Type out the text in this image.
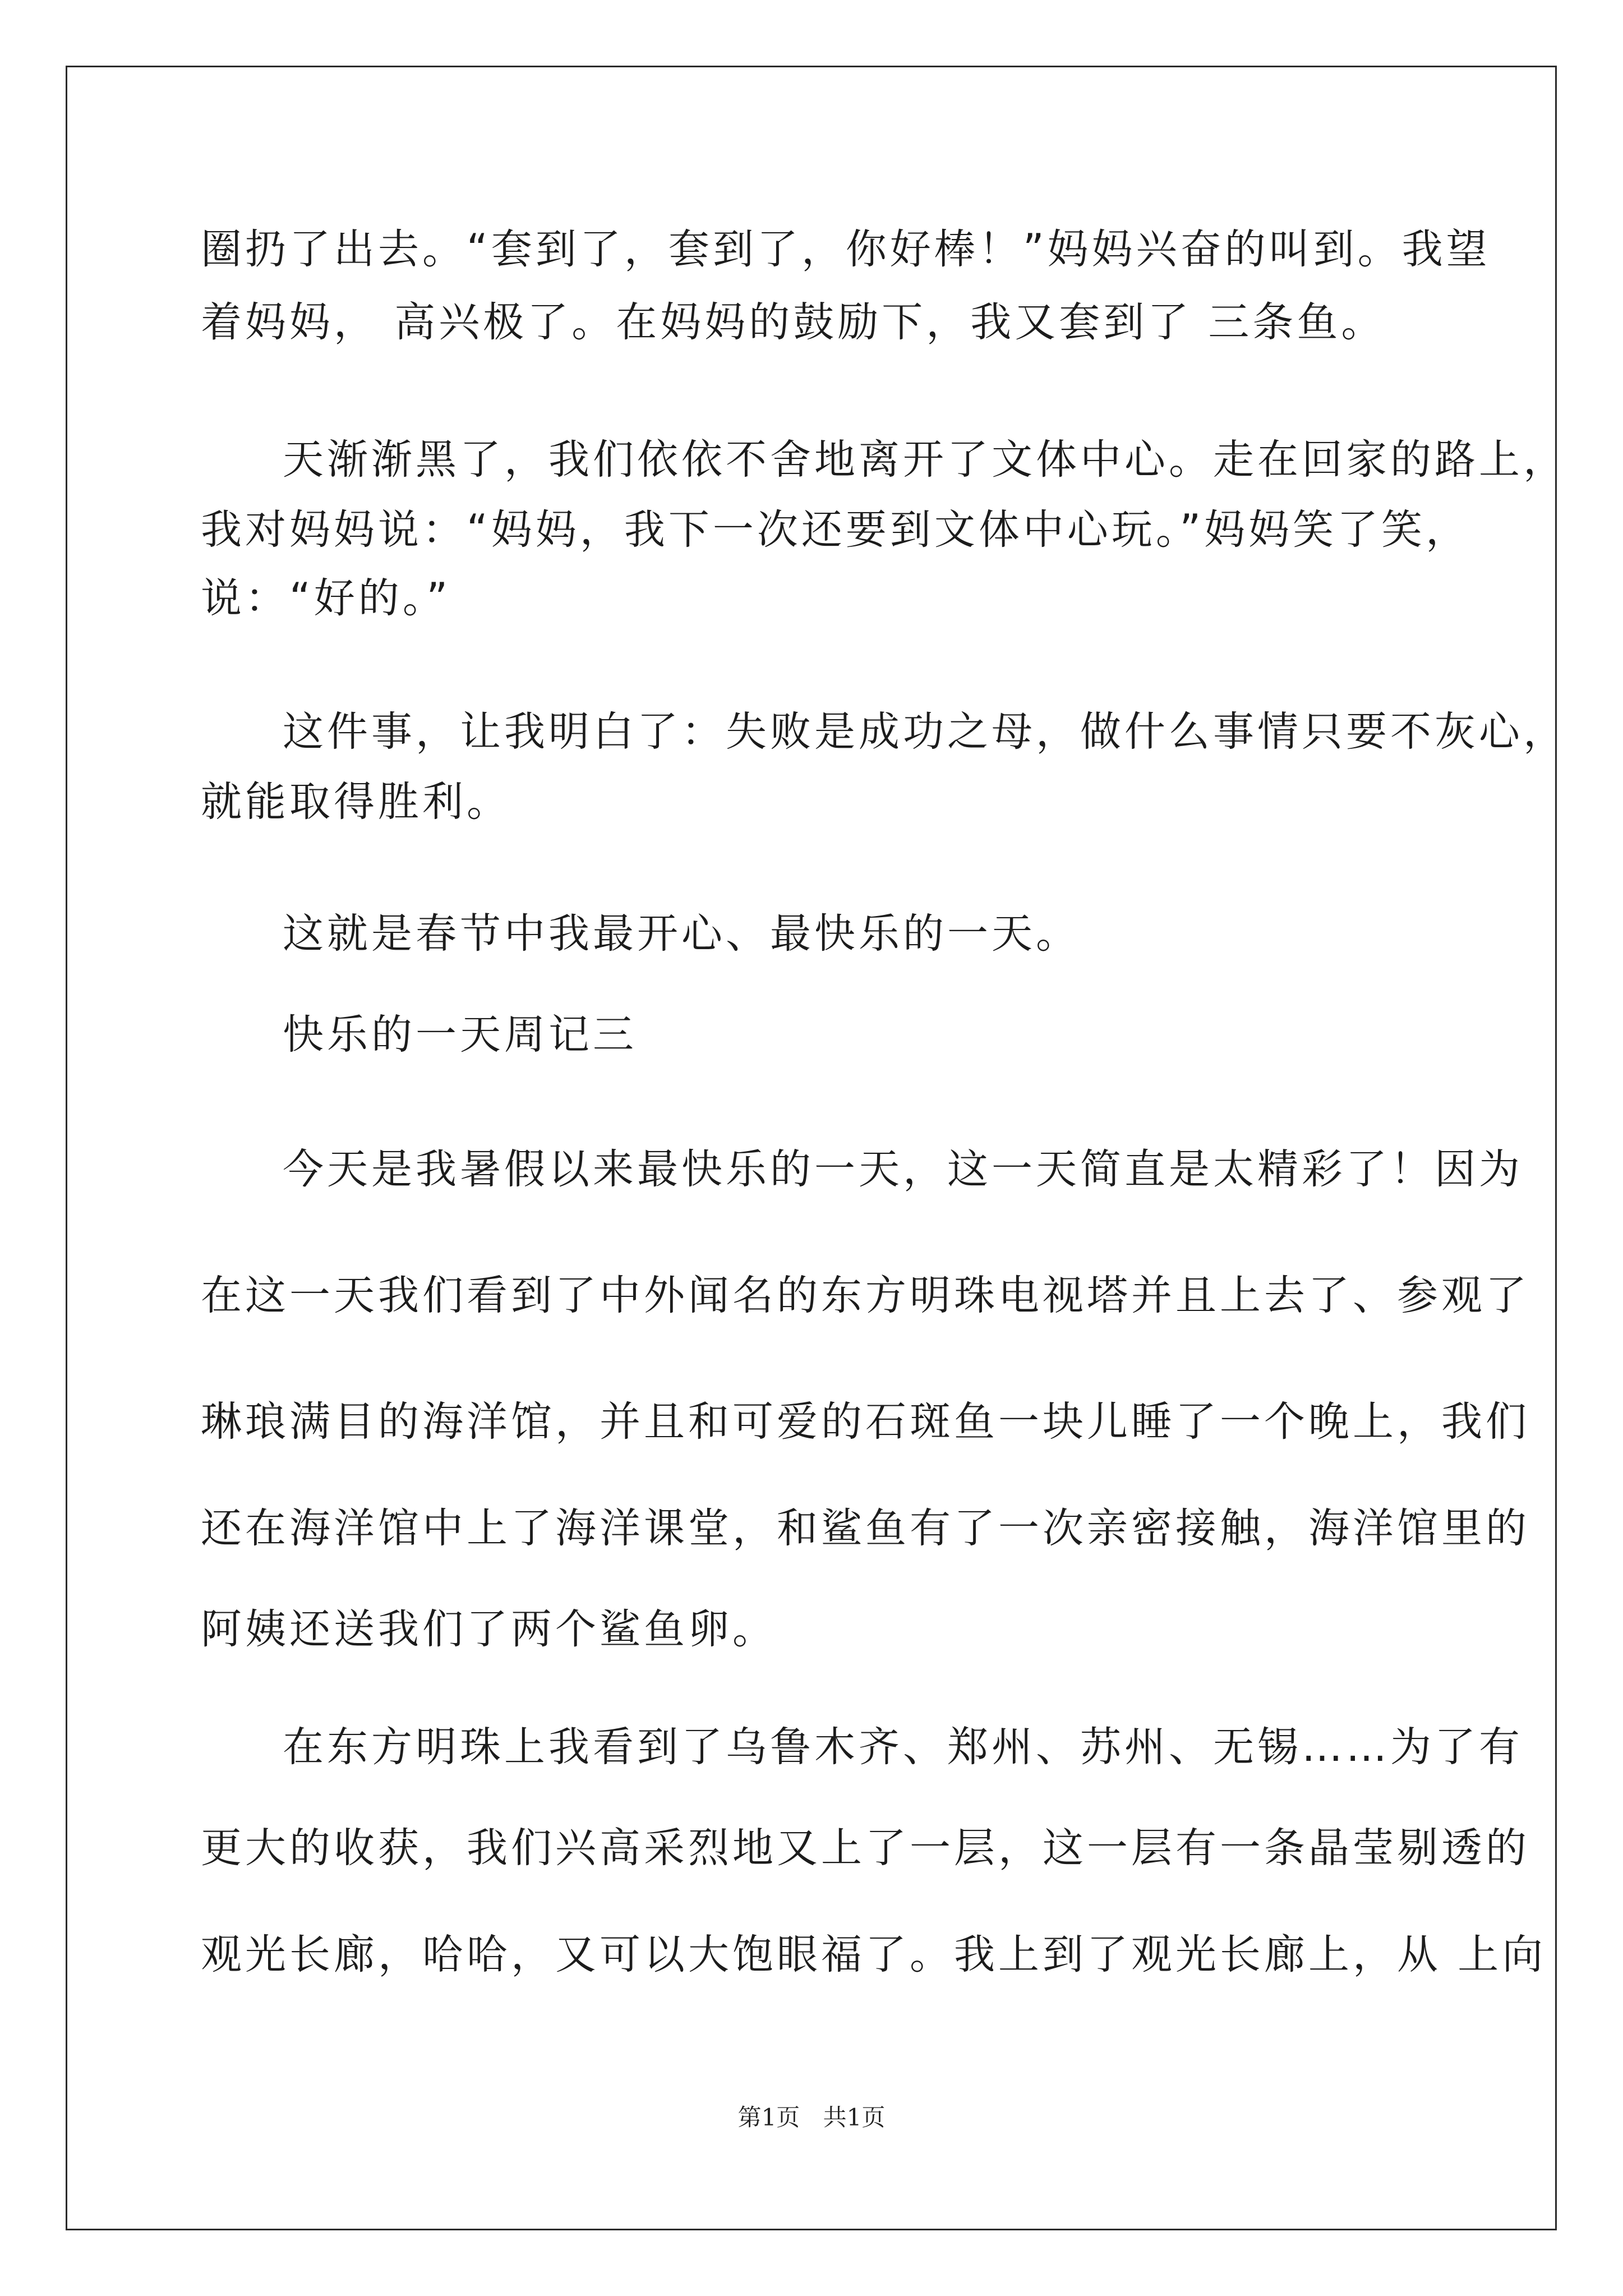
圈扔了出去。“套到了，套到了，你好棒！”妈妈兴奋的叫到。我望
着妈妈， 高兴极了。在妈妈的鼓励下，我又套到了 三条鱼。
天渐渐黑了，我们依依不舍地离开了文体中心。走在回家的路上，
我对妈妈说：“妈妈，我下一次还要到文体中心玩。”妈妈笑了笑，
说：“好的。”
这件事，让我明白了：失败是成功之母，做什么事情只要不灰心，
就能取得胜利。
这就是春节中我最开心、最快乐的一天。
快乐的一天周记三
今天是我暑假以来最快乐的一天，这一天简直是太精彩了！因为
在这一天我们看到了中外闻名的东方明珠电视塔并且上去了、参观了
琳琅满目的海洋馆，并且和可爱的石斑鱼一块儿睡了一个晚上，我们
还在海洋馆中上了海洋课堂，和鲨鱼有了一次亲密接触，海洋馆里的
阿姨还送我们了两个鲨鱼卵。
在东方明珠上我看到了乌鲁木齐、郑州、苏州、无锡……为了有
更大的收获，我们兴高采烈地又上了一层，这一层有一条晶莹剔透的
观光长廊，哈哈，又可以大饱眼福了。我上到了观光长廊上，从 上向
第1页 共1页
